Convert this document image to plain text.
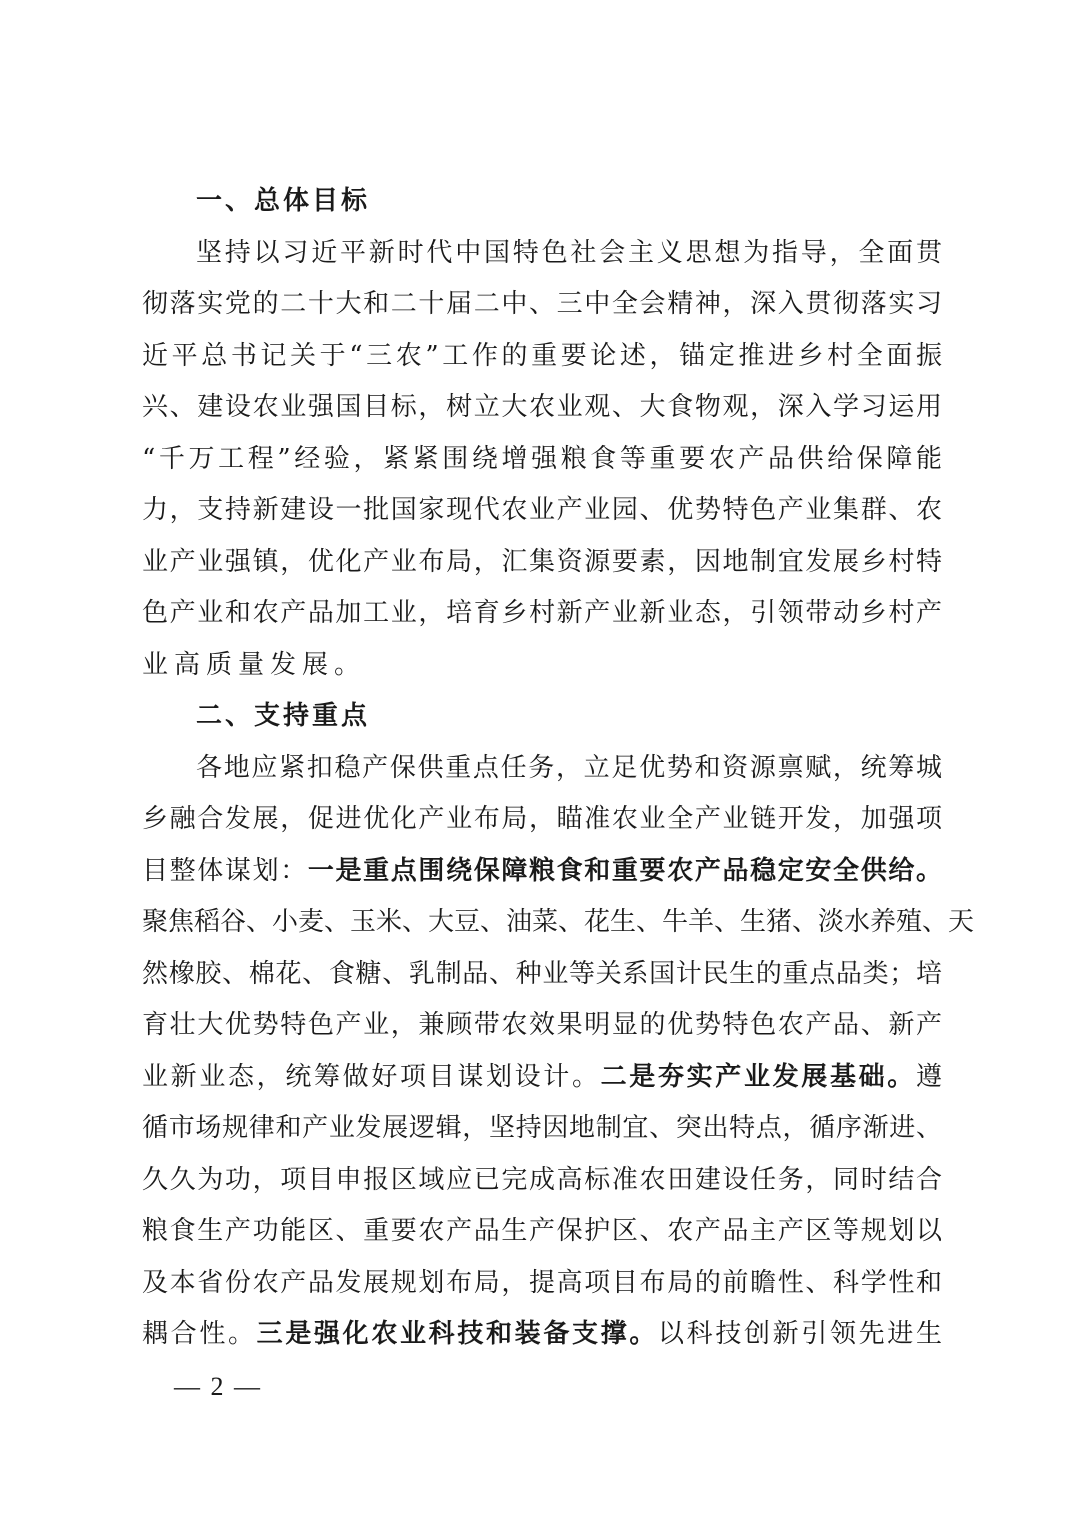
一、总体目标

坚持以习近平新时代中国特色社会主义思想为指导，全面贯

彻落实党的二十大和二十届二中、三中全会精神，深入贯彻落实习

近平总书记关于“三农”工作的重要论述，锚定推进乡村全面振

兴、建设农业强国目标，树立大农业观、大食物观，深入学习运用

“千万工程”经验，紧紧围绕增强粮食等重要农产品供给保障能

力，支持新建设一批国家现代农业产业园、优势特色产业集群、农

业产业强镇，优化产业布局，汇集资源要素，因地制宜发展乡村特

色产业和农产品加工业，培育乡村新产业新业态，引领带动乡村产

业高质量发展。

二、支持重点

各地应紧扣稳产保供重点任务，立足优势和资源禀赋，统筹城

乡融合发展，促进优化产业布局，瞄准农业全产业链开发，加强项

目整体谋划：一是重点围绕保障粮食和重要农产品稳定安全供给。

聚焦稻谷、小麦、玉米、大豆、油菜、花生、牛羊、生猪、淡水养殖、天

然橡胶、棉花、食糖、乳制品、种业等关系国计民生的重点品类；培

育壮大优势特色产业，兼顾带农效果明显的优势特色农产品、新产

业新业态，统筹做好项目谋划设计。二是夯实产业发展基础。遵

循市场规律和产业发展逻辑，坚持因地制宜、突出特点，循序渐进、

久久为功，项目申报区域应已完成高标准农田建设任务，同时结合

粮食生产功能区、重要农产品生产保护区、农产品主产区等规划以

及本省份农产品发展规划布局，提高项目布局的前瞻性、科学性和

耦合性。三是强化农业科技和装备支撑。以科技创新引领先进生

— 2 —
